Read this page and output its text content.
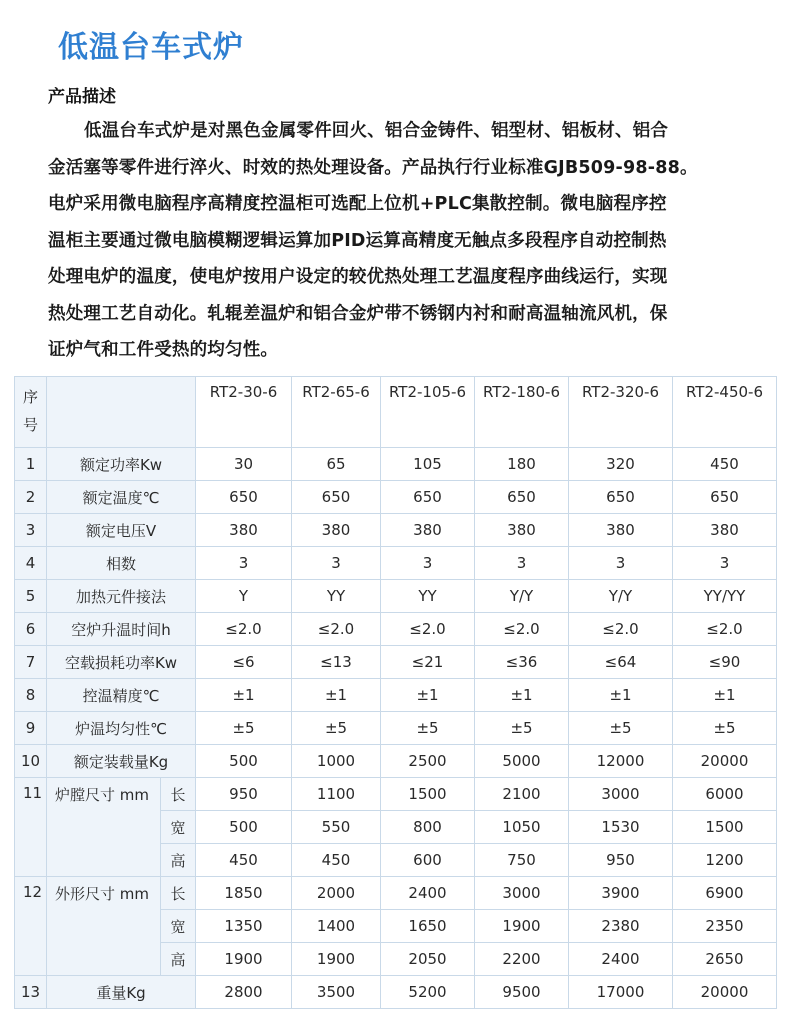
低温台车式炉
产品描述
低温台车式炉是对黑色金属零件回火、铝合金铸件、铝型材、铝板材、铝合
金活塞等零件进行淬火、时效的热处理设备。产品执行行业标准GJB509-98-88。
电炉采用微电脑程序高精度控温柜可选配上位机+PLC集散控制。微电脑程序控
温柜主要通过微电脑模糊逻辑运算加PID运算高精度无触点多段程序自动控制热
处理电炉的温度，使电炉按用户设定的较优热处理工艺温度程序曲线运行，实现
热处理工艺自动化。轧辊差温炉和铝合金炉带不锈钢内衬和耐高温轴流风机，保
证炉气和工件受热的均匀性。
序
号			RT2-30-6	RT2-65-6	RT2-105-6	RT2-180-6	RT2-320-6	RT2-450-6
1	额定功率Kw		30	65	105	180	320	450
2	额定温度℃		650	650	650	650	650	650
3	额定电压V		380	380	380	380	380	380
4	相数		3	3	3	3	3	3
5	加热元件接法		Y	YY	YY	Y/Y	Y/Y	YY/YY
6	空炉升温时间h		≤2.0	≤2.0	≤2.0	≤2.0	≤2.0	≤2.0
7	空载损耗功率Kw		≤6	≤13	≤21	≤36	≤64	≤90
8	控温精度℃		±1	±1	±1	±1	±1	±1
9	炉温均匀性℃		±5	±5	±5	±5	±5	±5
10	额定装载量Kg		500	1000	2500	5000	12000	20000
11	炉膛尺寸 mm	长	950	1100	1500	2100	3000	6000
		宽	500	550	800	1050	1530	1500
		高	450	450	600	750	950	1200
12	外形尺寸 mm	长	1850	2000	2400	3000	3900	6900
		宽	1350	1400	1650	1900	2380	2350
		高	1900	1900	2050	2200	2400	2650
13	重量Kg		2800	3500	5200	9500	17000	20000
